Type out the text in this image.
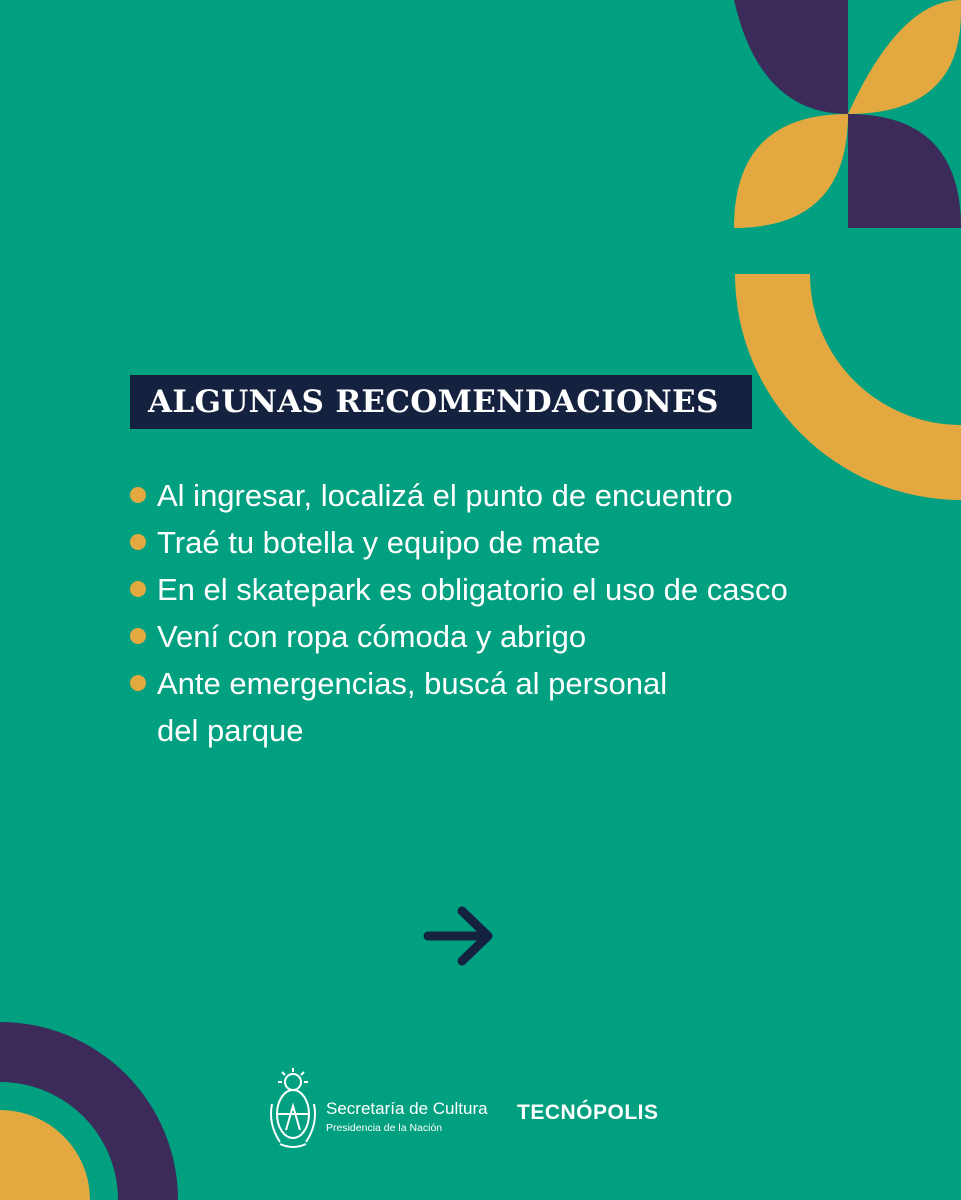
ALGUNAS RECOMENDACIONES
Al ingresar, localizá el punto de encuentro
Traé tu botella y equipo de mate
En el skatepark es obligatorio el uso de casco
Vení con ropa cómoda y abrigo
Ante emergencias, buscá al personal
del parque
Secretaría de Cultura
Presidencia de la Nación
TECNÓPOLIS
